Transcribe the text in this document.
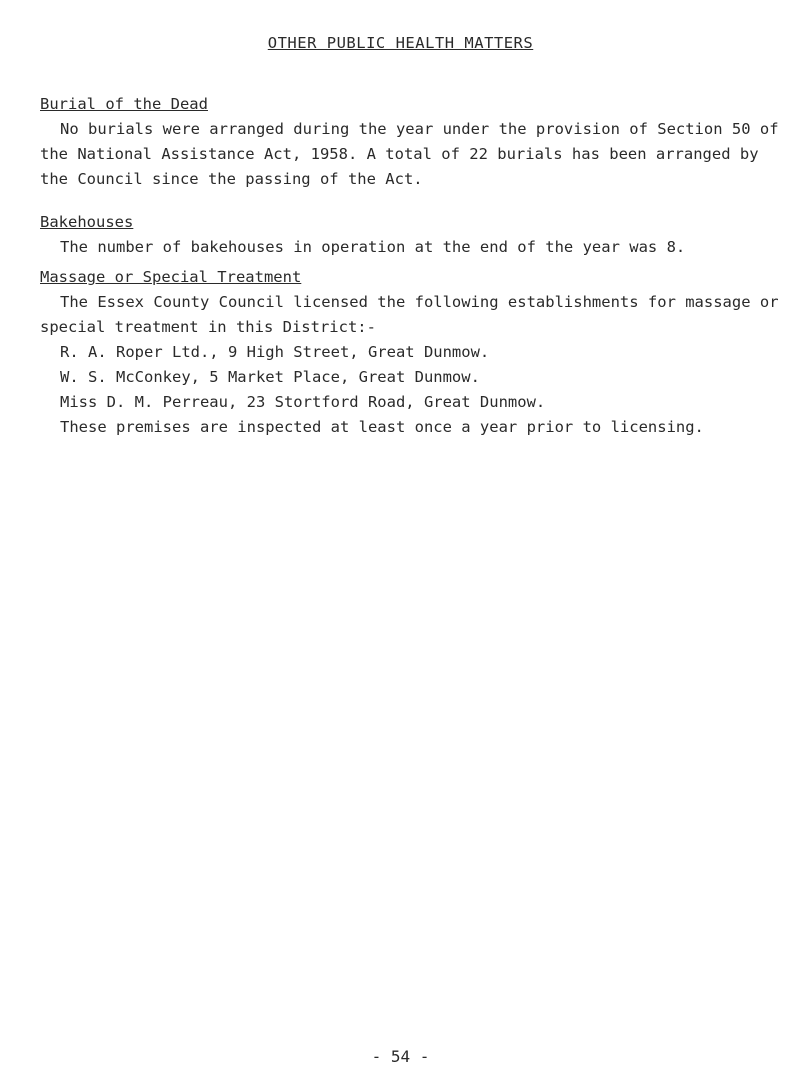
OTHER PUBLIC HEALTH MATTERS
Burial of the Dead

No burials were arranged during the year under the provision of Section 50 of the National Assistance Act, 1958. A total of 22 burials has been arranged by the Council since the passing of the Act.

Bakehouses

The number of bakehouses in operation at the end of the year was 8.

Massage or Special Treatment

The Essex County Council licensed the following establishments for massage or special treatment in this District:-

R. A. Roper Ltd., 9 High Street, Great Dunmow.
W. S. McConkey, 5 Market Place, Great Dunmow.
Miss D. M. Perreau, 23 Stortford Road, Great Dunmow.

These premises are inspected at least once a year prior to licensing.

- 54 -
